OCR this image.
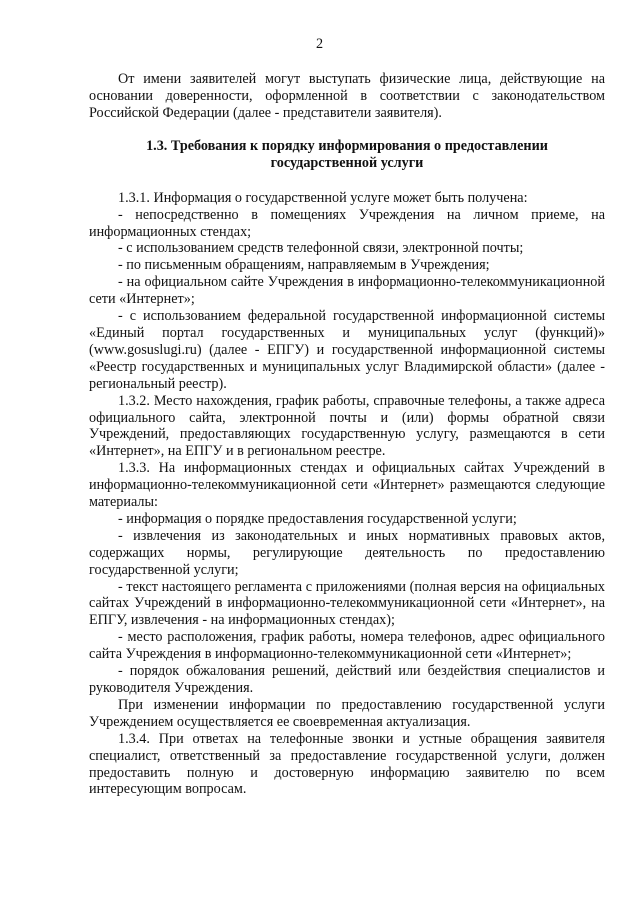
2

От имени заявителей могут выступать физические лица, действующие на основании доверенности, оформленной в соответствии с законодательством Российской Федерации (далее - представители заявителя).

1.3. Требования к порядку информирования о предоставлении
государственной услуги

1.3.1. Информация о государственной услуге может быть получена:

- непосредственно в помещениях Учреждения на личном приеме, на информационных стендах;

- с использованием средств телефонной связи, электронной почты;

- по письменным обращениям, направляемым в Учреждения;

- на официальном сайте Учреждения в информационно-телекоммуникационной сети «Интернет»;

- с использованием федеральной государственной информационной системы «Единый портал государственных и муниципальных услуг (функций)» (www.gosuslugi.ru) (далее - ЕПГУ) и государственной информационной системы «Реестр государственных и муниципальных услуг Владимирской области» (далее - региональный реестр).

1.3.2. Место нахождения, график работы, справочные телефоны, а также адреса официального сайта, электронной почты и (или) формы обратной связи Учреждений, предоставляющих государственную услугу, размещаются в сети «Интернет», на ЕПГУ и в региональном реестре.

1.3.3. На информационных стендах и официальных сайтах Учреждений в информационно-телекоммуникационной сети «Интернет» размещаются следующие материалы:

- информация о порядке предоставления государственной услуги;

- извлечения из законодательных и иных нормативных правовых актов, содержащих нормы, регулирующие деятельность по предоставлению государственной услуги;

- текст настоящего регламента с приложениями (полная версия на официальных сайтах Учреждений в информационно-телекоммуникационной сети «Интернет», на ЕПГУ, извлечения - на информационных стендах);

- место расположения, график работы, номера телефонов, адрес официального сайта Учреждения в информационно-телекоммуникационной сети «Интернет»;

- порядок обжалования решений, действий или бездействия специалистов и руководителя Учреждения.

При изменении информации по предоставлению государственной услуги Учреждением осуществляется ее своевременная актуализация.

1.3.4. При ответах на телефонные звонки и устные обращения заявителя специалист, ответственный за предоставление государственной услуги, должен предоставить полную и достоверную информацию заявителю по всем интересующим вопросам.
